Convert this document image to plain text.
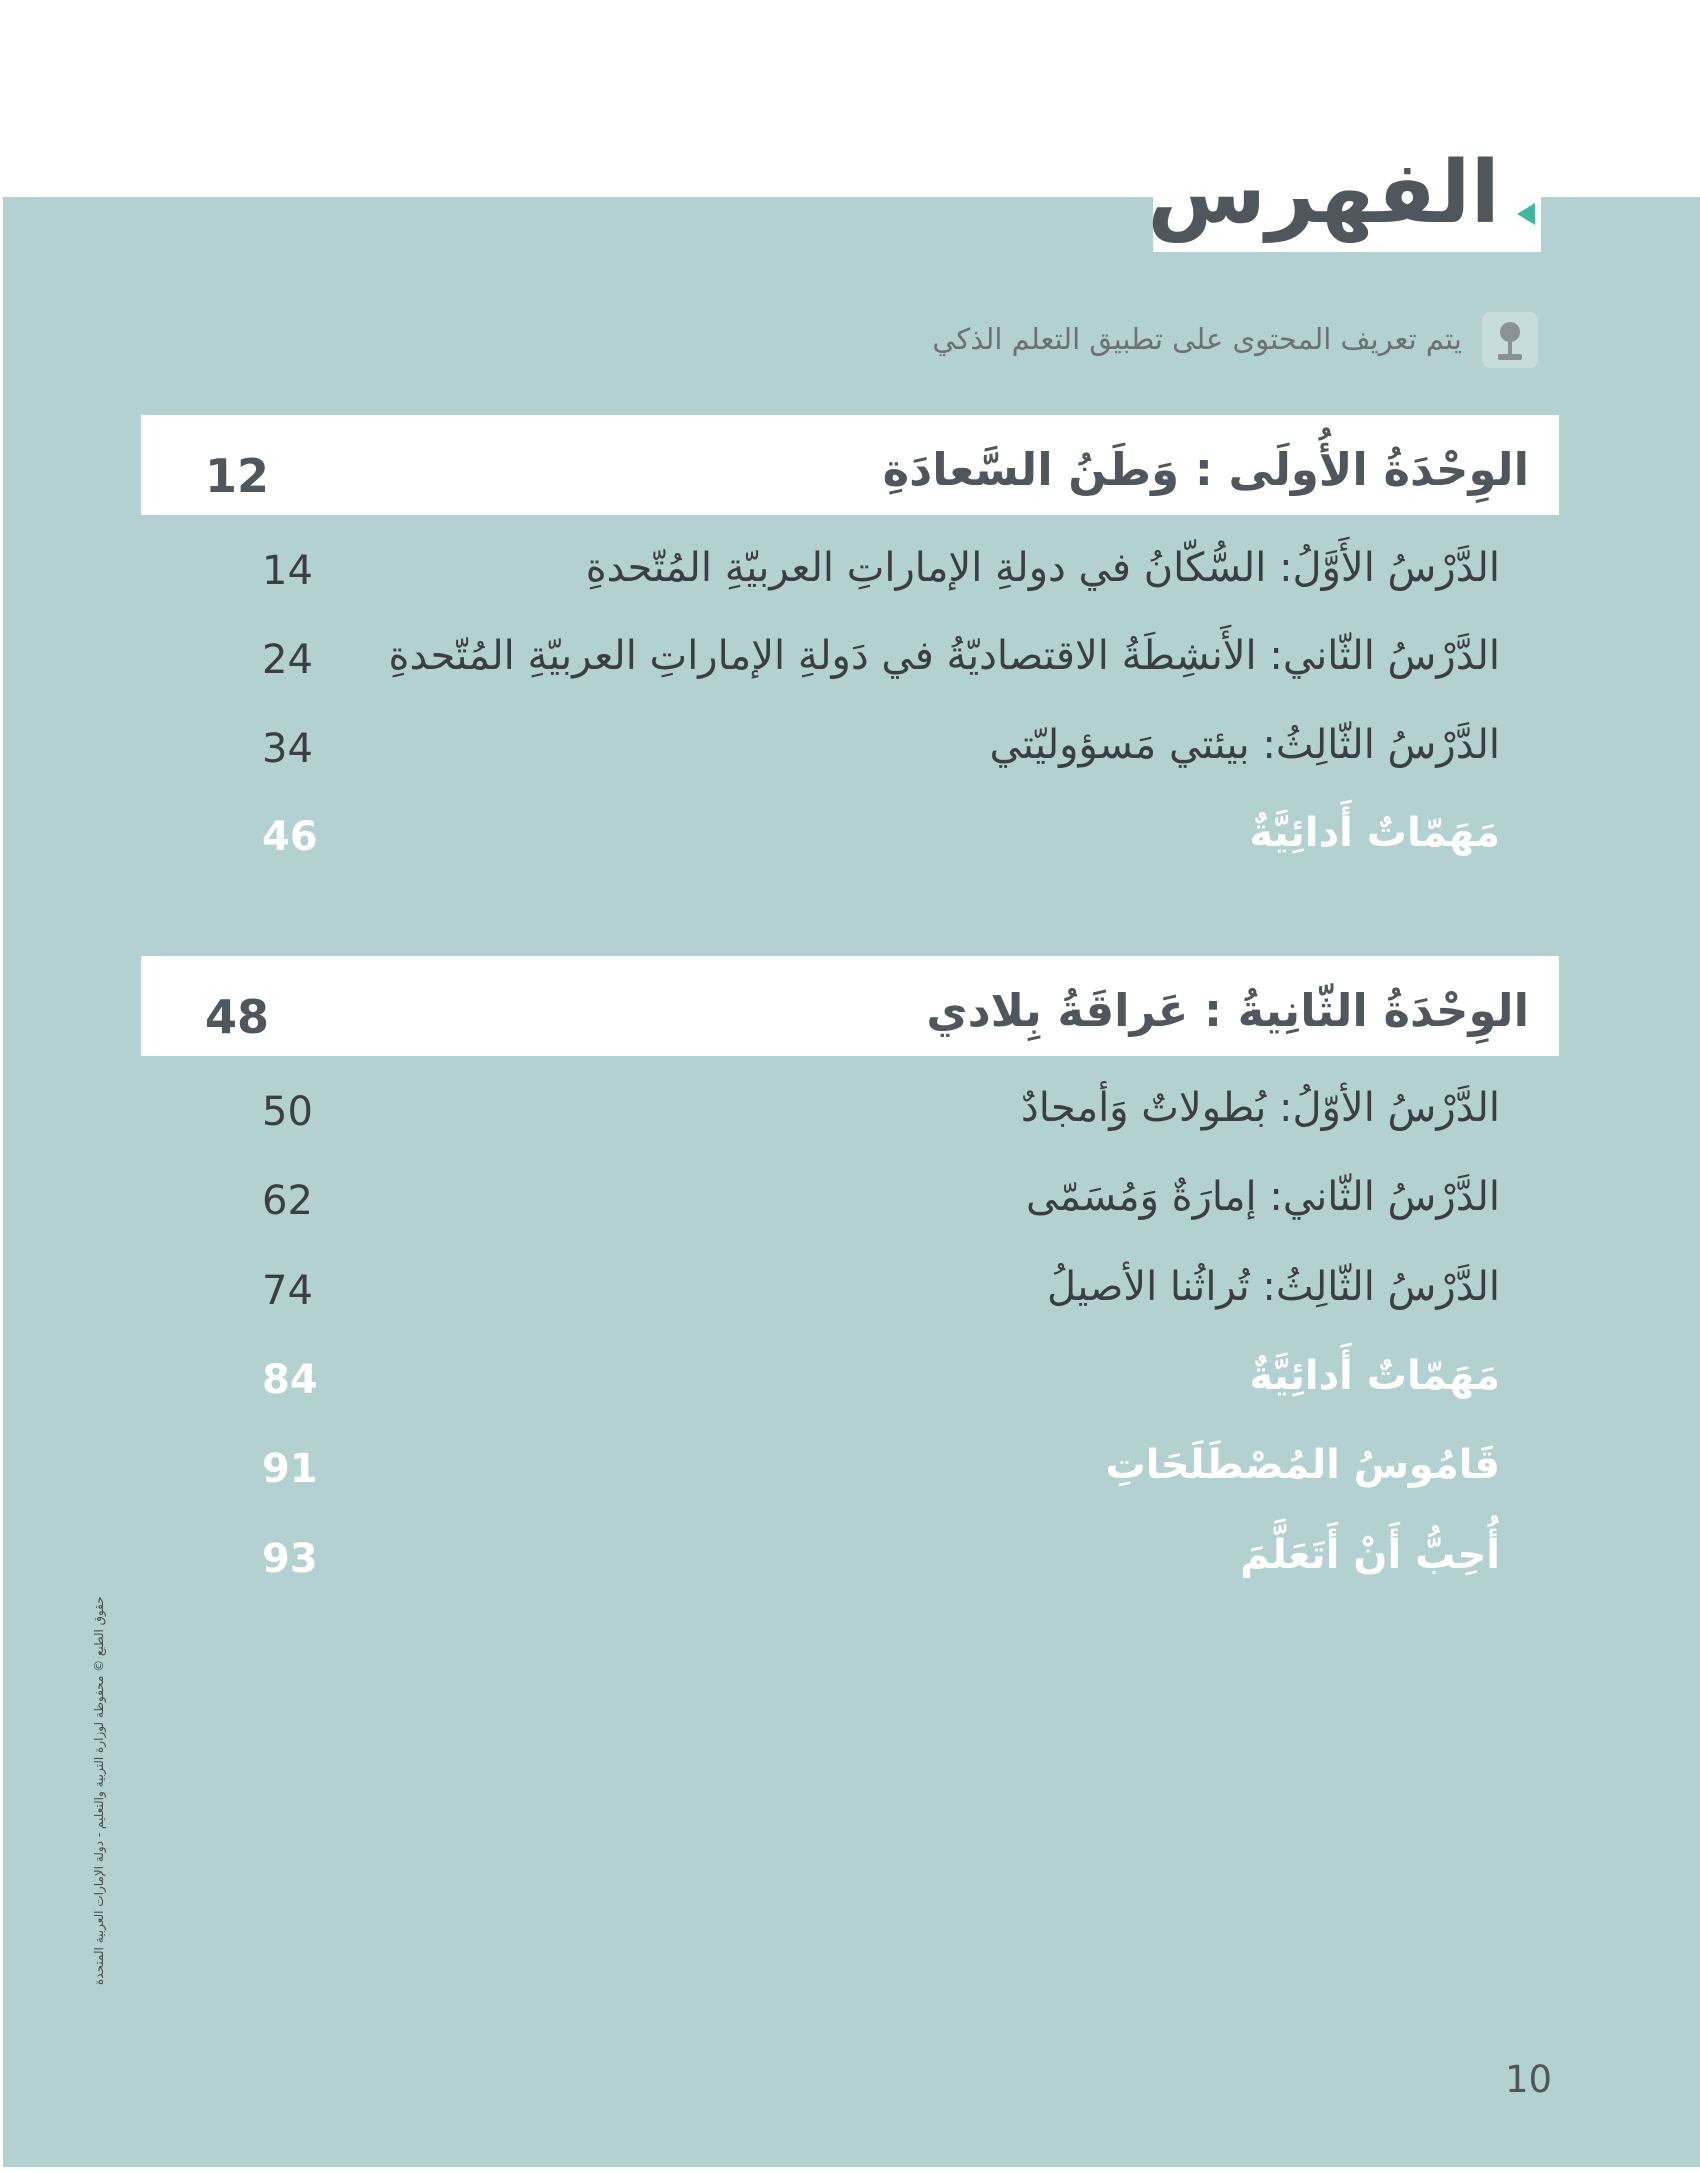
الفهرس
يتم تعريف المحتوى على تطبيق التعلم الذكي
الوِحْدَةُ الأُولَى : وَطَنُ السَّعادَةِ
12
الدَّرْسُ الأَوَّلُ: السُّكّانُ في دولةِ الإماراتِ العربيّةِ المُتّحدةِ
14
الدَّرْسُ الثّاني: الأَنشِطَةُ الاقتصاديّةُ في دَولةِ الإماراتِ العربيّةِ المُتّحدةِ
24
الدَّرْسُ الثّالِثُ: بيئتي مَسؤوليّتي
34
مَهَمّاتٌ أَدائِيَّةٌ
46
الوِحْدَةُ الثّانِيةُ : عَراقَةُ بِلادي
48
الدَّرْسُ الأوّلُ: بُطولاتٌ وَأمجادٌ
50
الدَّرْسُ الثّاني: إمارَةٌ وَمُسَمّى
62
الدَّرْسُ الثّالِثُ: تُراثُنا الأصيلُ
74
مَهَمّاتٌ أَدائِيَّةٌ
84
قَامُوسُ المُصْطَلَحَاتِ
91
أُحِبُّ أَنْ أَتَعَلَّمَ
93
حقوق الطبع © محفوظة لوزارة التربية والتعليم - دولة الإمارات العربية المتحدة
10
